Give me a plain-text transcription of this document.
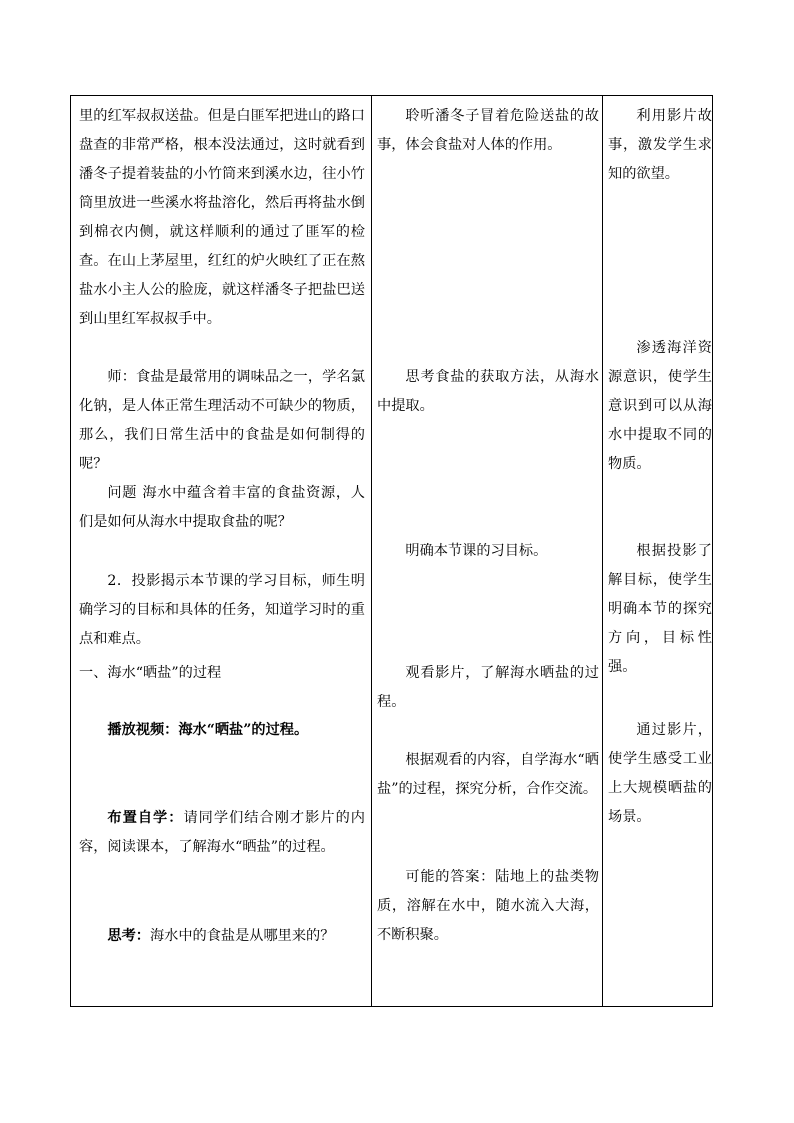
里的红军叔叔送盐。但是白匪军把进山的路口盘查的非常严格，根本没法通过，这时就看到潘冬子提着装盐的小竹筒来到溪水边，往小竹筒里放进一些溪水将盐溶化，然后再将盐水倒到棉衣内侧，就这样顺利的通过了匪军的检查。在山上茅屋里，红红的炉火映红了正在熬盐水小主人公的脸庞，就这样潘冬子把盐巴送到山里红军叔叔手中。

师：食盐是最常用的调味品之一，学名氯化钠，是人体正常生理活动不可缺少的物质，那么，我们日常生活中的食盐是如何制得的呢？

问题 海水中蕴含着丰富的食盐资源，人们是如何从海水中提取食盐的呢？

2．投影揭示本节课的学习目标，师生明确学习的目标和具体的任务，知道学习时的重点和难点。

一、海水“晒盐”的过程

播放视频：海水“晒盐”的过程。

布置自学：请同学们结合刚才影片的内容，阅读课本，了解海水“晒盐”的过程。

思考：海水中的食盐是从哪里来的？

聆听潘冬子冒着危险送盐的故事，体会食盐对人体的作用。

思考食盐的获取方法，从海水中提取。

明确本节课的习目标。

观看影片，了解海水晒盐的过程。

根据观看的内容，自学海水“晒盐”的过程，探究分析，合作交流。

可能的答案：陆地上的盐类物质，溶解在水中，随水流入大海，不断积聚。

利用影片故事，激发学生求知的欲望。

渗透海洋资源意识，使学生意识到可以从海水中提取不同的物质。

根据投影了解目标，使学生明确本节的探究方向，目标性强。

通过影片，使学生感受工业上大规模晒盐的场景。
